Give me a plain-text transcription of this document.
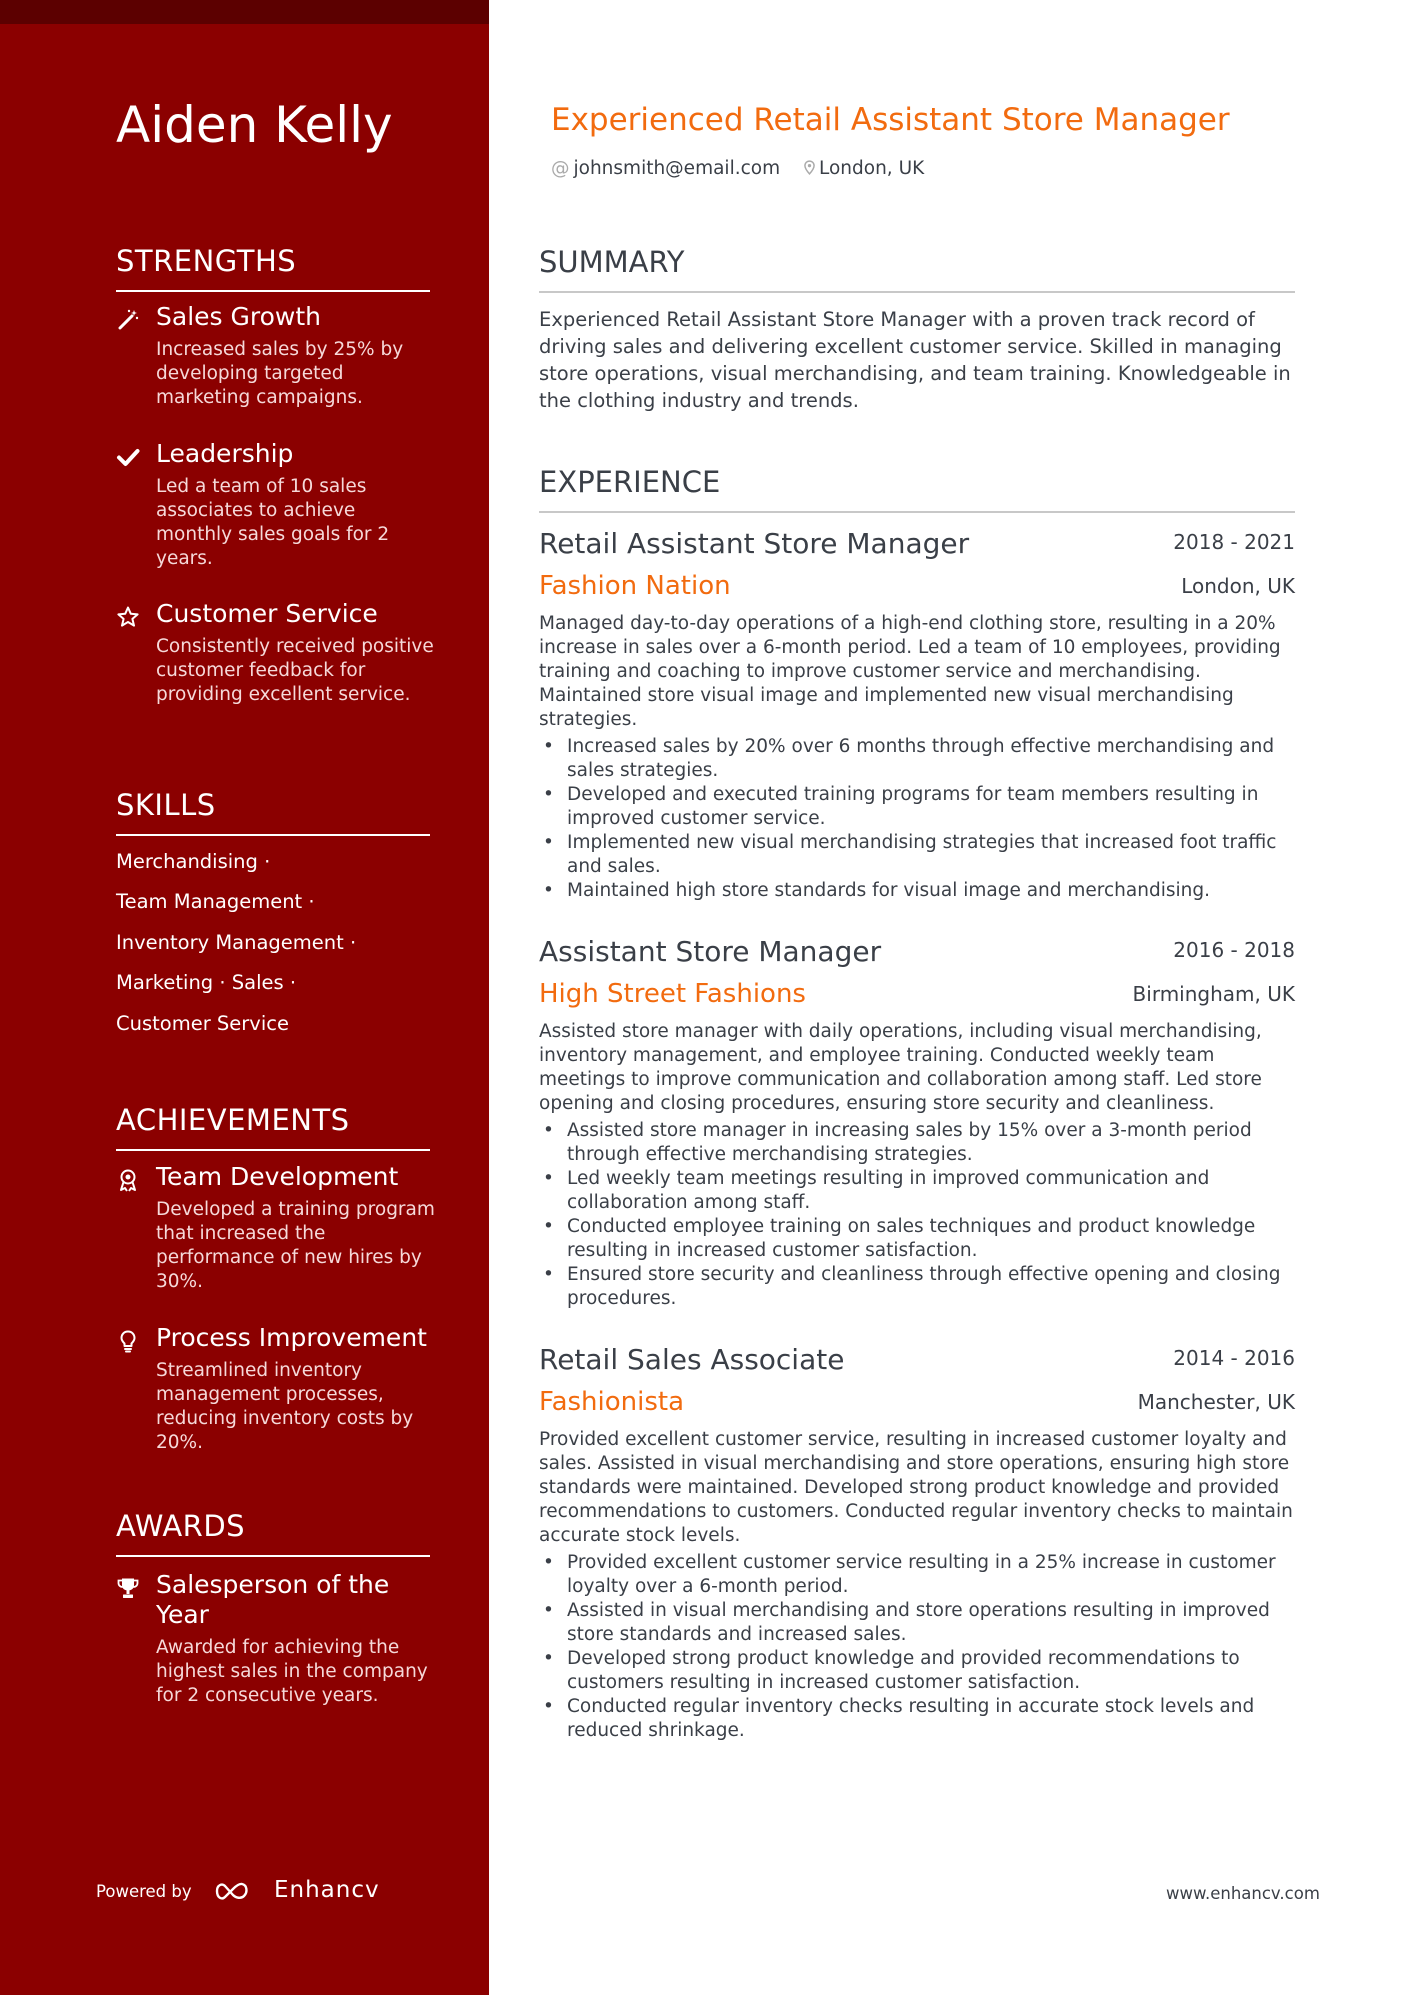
Aiden Kelly
STRENGTHS
Sales Growth
Increased sales by 25% by developing targeted marketing campaigns.
Leadership
Led a team of 10 sales associates to achieve monthly sales goals for 2 years.
Customer Service
Consistently received positive customer feedback for providing excellent service.
SKILLS
Merchandising ·
Team Management ·
Inventory Management ·
Marketing · Sales ·
Customer Service
ACHIEVEMENTS
Team Development
Developed a training program that increased the performance of new hires by 30%.
Process Improvement
Streamlined inventory management processes, reducing inventory costs by 20%.
AWARDS
Salesperson of the Year
Awarded for achieving the highest sales in the company for 2 consecutive years.
Powered by	Enhancv
Experienced Retail Assistant Store Manager
@ johnsmith@email.com London, UK
SUMMARY
Experienced Retail Assistant Store Manager with a proven track record of driving sales and delivering excellent customer service. Skilled in managing store operations, visual merchandising, and team training. Knowledgeable in the clothing industry and trends.
EXPERIENCE
Retail Assistant Store Manager	2018 - 2021
Fashion Nation	London, UK
Managed day-to-day operations of a high-end clothing store, resulting in a 20% increase in sales over a 6-month period. Led a team of 10 employees, providing training and coaching to improve customer service and merchandising. Maintained store visual image and implemented new visual merchandising strategies.
• Increased sales by 20% over 6 months through effective merchandising and sales strategies.
• Developed and executed training programs for team members resulting in improved customer service.
• Implemented new visual merchandising strategies that increased foot traffic and sales.
• Maintained high store standards for visual image and merchandising.
Assistant Store Manager	2016 - 2018
High Street Fashions	Birmingham, UK
Assisted store manager with daily operations, including visual merchandising, inventory management, and employee training. Conducted weekly team meetings to improve communication and collaboration among staff. Led store opening and closing procedures, ensuring store security and cleanliness.
• Assisted store manager in increasing sales by 15% over a 3-month period through effective merchandising strategies.
• Led weekly team meetings resulting in improved communication and collaboration among staff.
• Conducted employee training on sales techniques and product knowledge resulting in increased customer satisfaction.
• Ensured store security and cleanliness through effective opening and closing procedures.
Retail Sales Associate	2014 - 2016
Fashionista	Manchester, UK
Provided excellent customer service, resulting in increased customer loyalty and sales. Assisted in visual merchandising and store operations, ensuring high store standards were maintained. Developed strong product knowledge and provided recommendations to customers. Conducted regular inventory checks to maintain accurate stock levels.
• Provided excellent customer service resulting in a 25% increase in customer loyalty over a 6-month period.
• Assisted in visual merchandising and store operations resulting in improved store standards and increased sales.
• Developed strong product knowledge and provided recommendations to customers resulting in increased customer satisfaction.
• Conducted regular inventory checks resulting in accurate stock levels and reduced shrinkage.
www.enhancv.com
